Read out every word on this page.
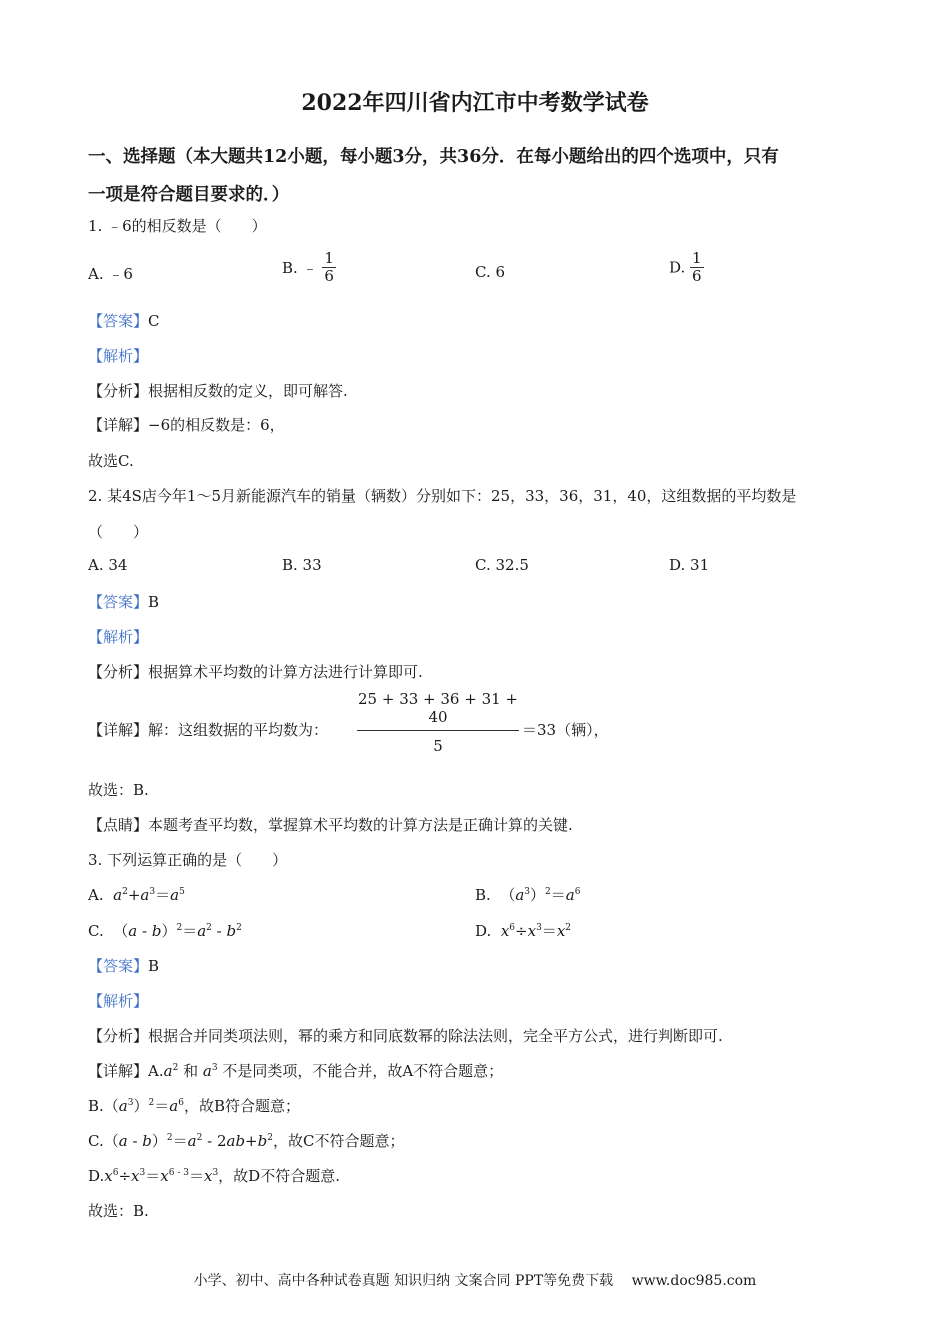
2022年四川省内江市中考数学试卷
一、选择题（本大题共12小题，每小题3分，共36分．在每小题给出的四个选项中，只有
一项是符合题目要求的．）
1. ﹣6的相反数是（　　）
A. ﹣6	B. ﹣ $\frac{1}{6}$	C. 6	D. $\frac{1}{6}$
【答案】C
【解析】
【分析】根据相反数的定义，即可解答.
【详解】−6的相反数是：6，
故选C.
2. 某4S店今年1～5月新能源汽车的销量（辆数）分别如下：25，33，36，31，40，这组数据的平均数是
（　　）
A. 34	B. 33	C. 32.5	D. 31
【答案】B
【解析】
【分析】根据算术平均数的计算方法进行计算即可.
【详解】解：这组数据的平均数为： $\frac{25 + 33 + 36 + 31 + 40}{5} =33$（辆），
故选：B.
【点睛】本题考查平均数，掌握算术平均数的计算方法是正确计算的关键.
3. 下列运算正确的是（　　）
A. $a^2+a^3=a^5$	B.  $(a^3)^2=a^6$
C.  $(a - b)^2=a^2 - b^2$	D. $x^6\div x^3=x^2$
【答案】B
【解析】
【分析】根据合并同类项法则，幂的乘方和同底数幂的除法法则，完全平方公式，进行判断即可.
【详解】$A.a^2$ 和 $a^3$ 不是同类项，不能合并，故A不符合题意；
$B.(a^3)^2=a^6$，故B符合题意；
$C.(a - b)^2=a^2 - 2ab+b^2$，故C不符合题意；
$D.x^6\div x^3=x^{6 - 3}=x^3$，故D不符合题意.
故选：B.
小学、初中、高中各种试卷真题 知识归纳 文案合同 PPT等免费下载　 www.doc985.com
